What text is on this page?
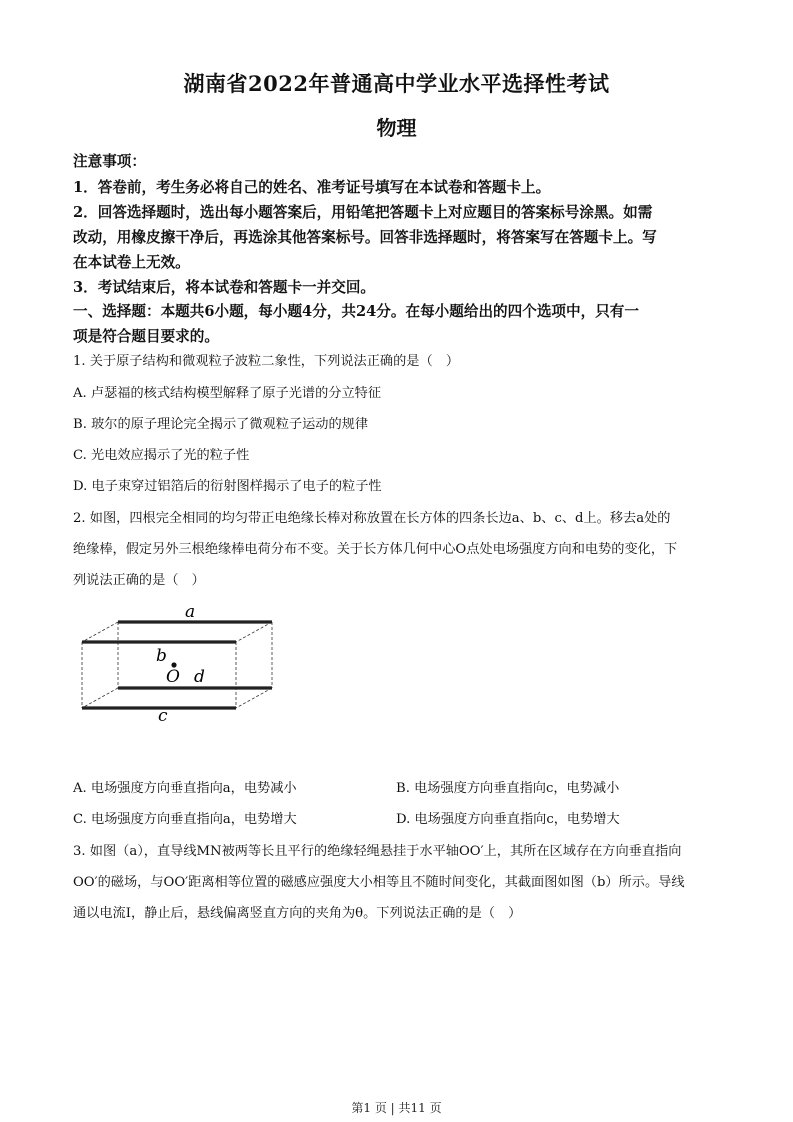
湖南省2022年普通高中学业水平选择性考试
物理
注意事项：
1．答卷前，考生务必将自己的姓名、准考证号填写在本试卷和答题卡上。
2．回答选择题时，选出每小题答案后，用铅笔把答题卡上对应题目的答案标号涂黑。如需
改动，用橡皮擦干净后，再选涂其他答案标号。回答非选择题时，将答案写在答题卡上。写
在本试卷上无效。
3．考试结束后，将本试卷和答题卡一并交回。
一、选择题：本题共6小题，每小题4分，共24分。在每小题给出的四个选项中，只有一
项是符合题目要求的。
1. 关于原子结构和微观粒子波粒二象性，下列说法正确的是（　）
A. 卢瑟福的核式结构模型解释了原子光谱的分立特征
B. 玻尔的原子理论完全揭示了微观粒子运动的规律
C. 光电效应揭示了光的粒子性
D. 电子束穿过铝箔后的衍射图样揭示了电子的粒子性
2. 如图，四根完全相同的均匀带正电绝缘长棒对称放置在长方体的四条长边a、b、c、d上。移去a处的
绝缘棒，假定另外三根绝缘棒电荷分布不变。关于长方体几何中心O点处电场强度方向和电势的变化，下
列说法正确的是（　）
a
b
O d
c
A. 电场强度方向垂直指向a，电势减小	B. 电场强度方向垂直指向c，电势减小
C. 电场强度方向垂直指向a，电势增大	D. 电场强度方向垂直指向c，电势增大
3. 如图（a），直导线MN被两等长且平行的绝缘轻绳悬挂于水平轴OO′上，其所在区域存在方向垂直指向
OO′的磁场，与OO′距离相等位置的磁感应强度大小相等且不随时间变化，其截面图如图（b）所示。导线
通以电流I，静止后，悬线偏离竖直方向的夹角为θ。下列说法正确的是（　）
第1 页 | 共11 页
